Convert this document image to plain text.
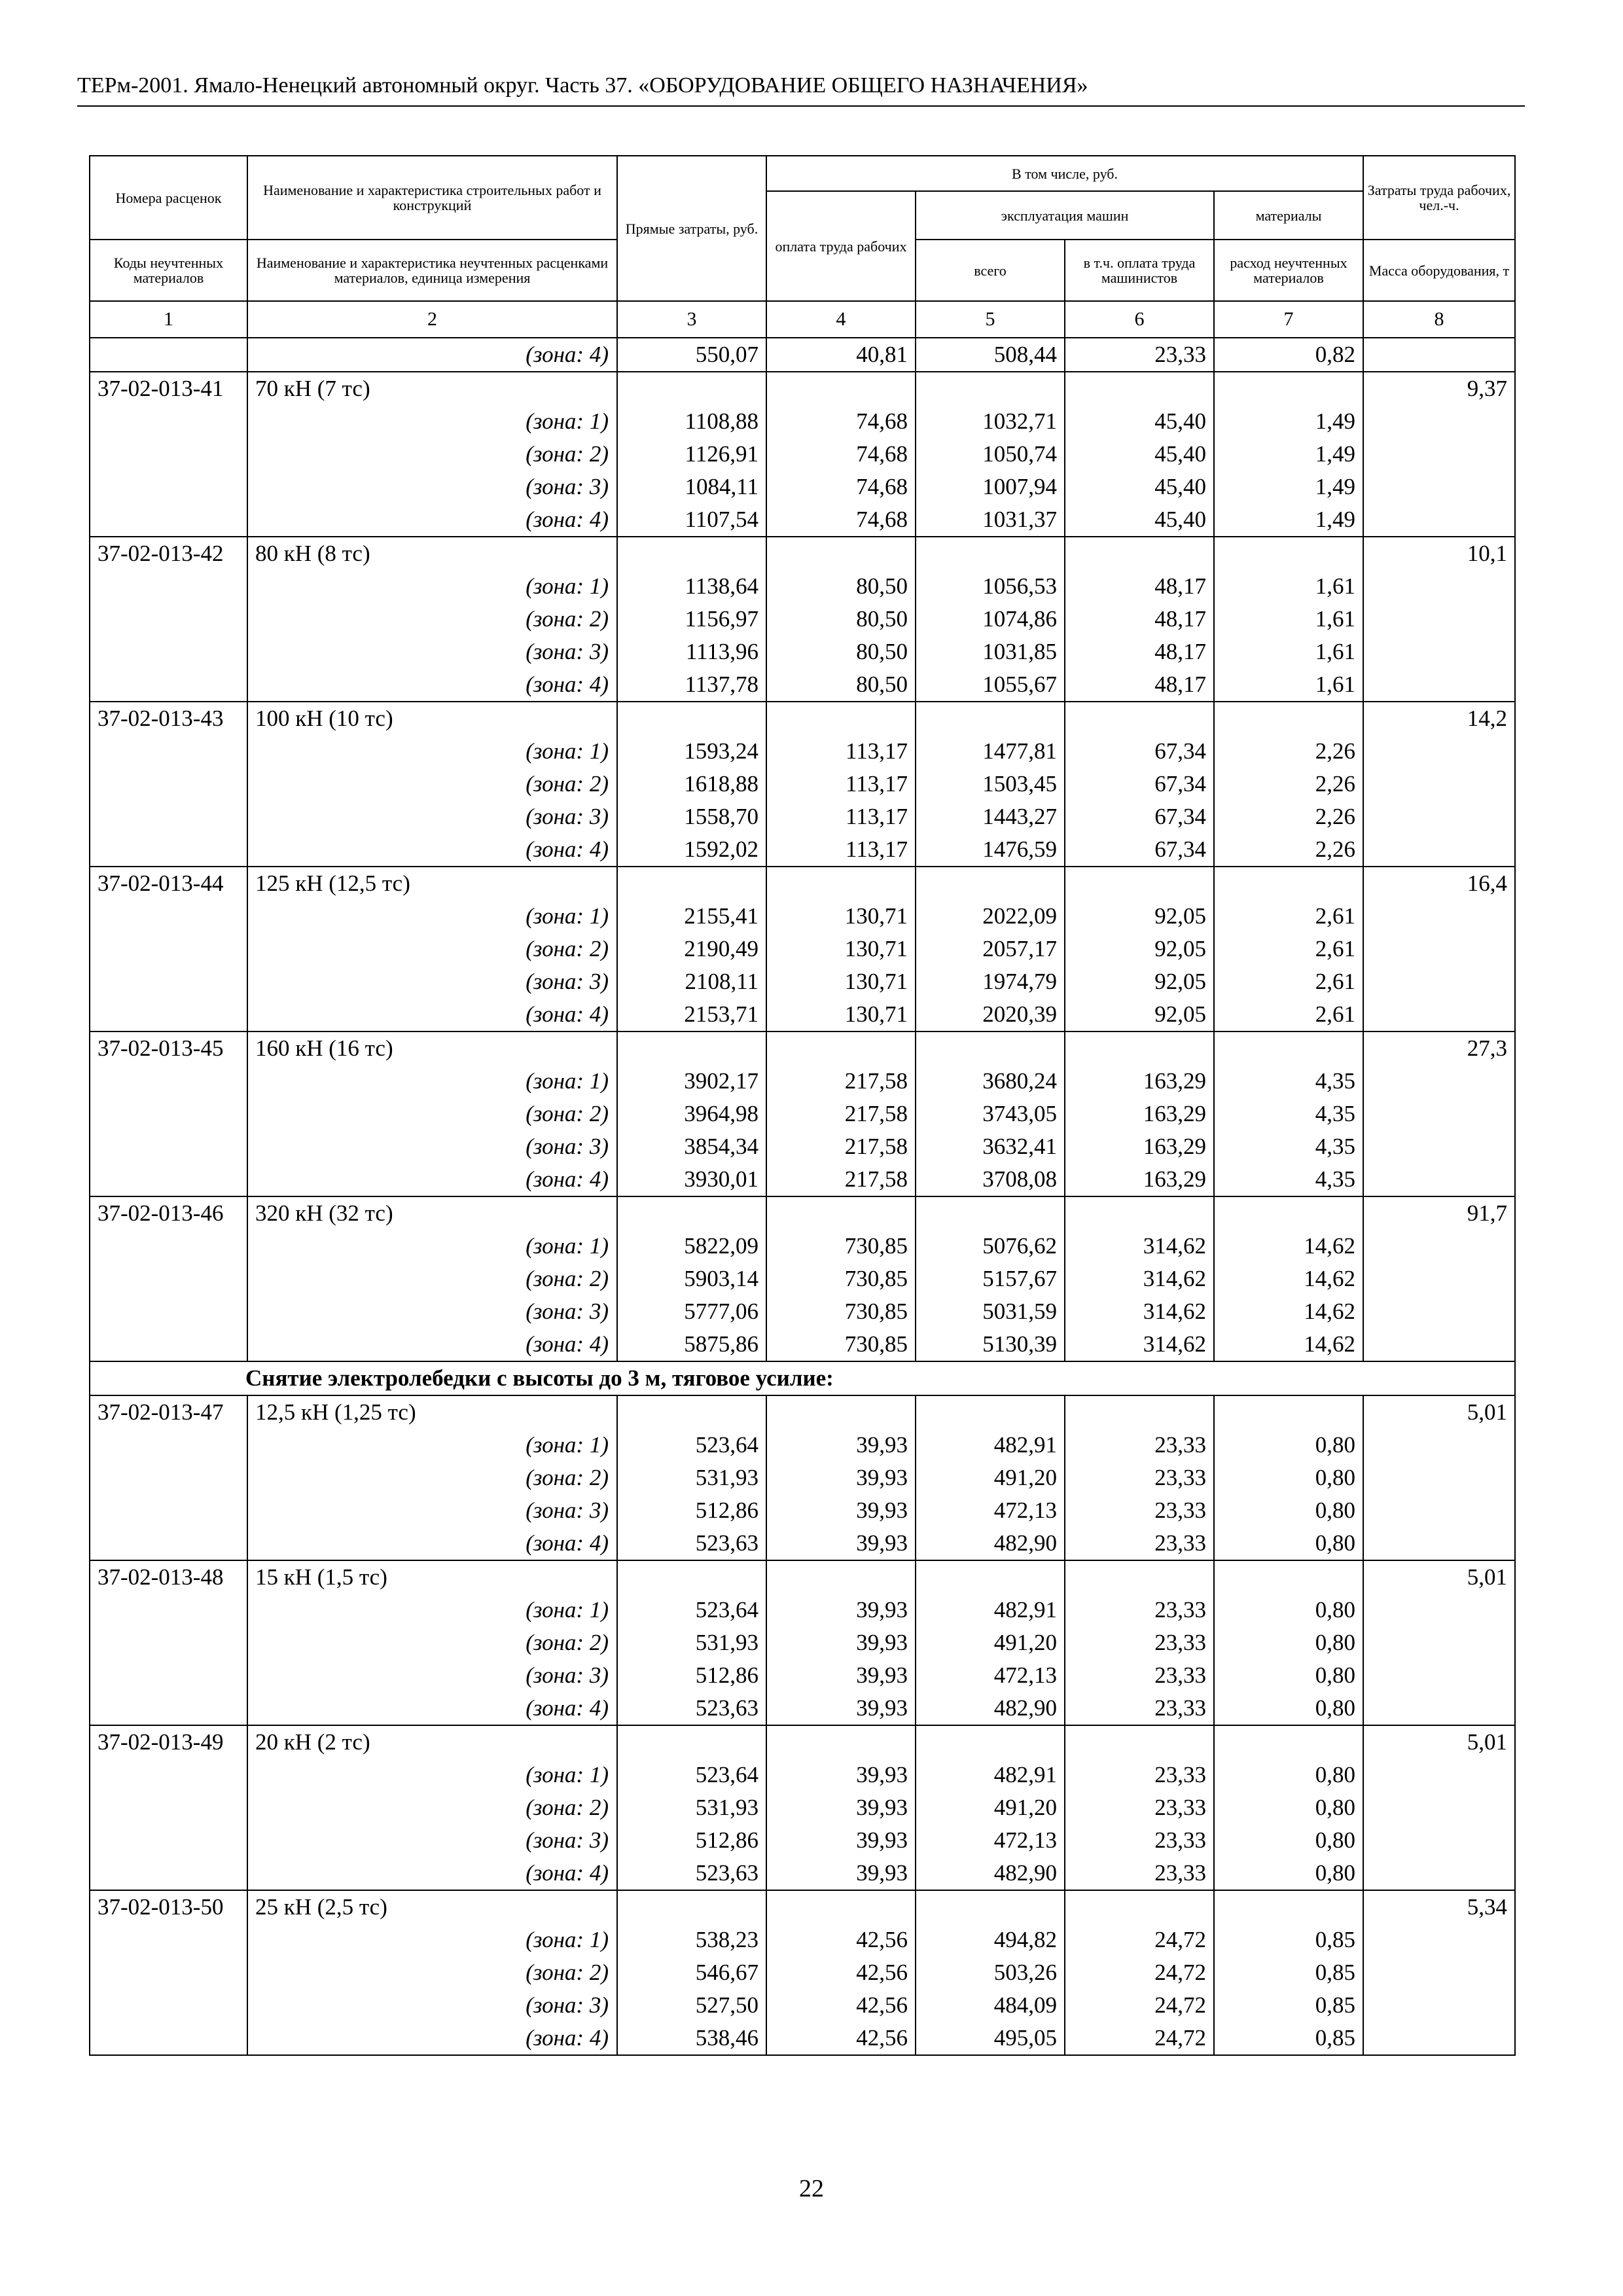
ТЕРм-2001. Ямало-Ненецкий автономный округ. Часть 37. «ОБОРУДОВАНИЕ ОБЩЕГО НАЗНАЧЕНИЯ»
Номера расценок	Наименование и характеристика строительных работ и конструкций	Прямые затраты, руб.	В том числе, руб.				Затраты труда рабочих, чел.-ч.
			оплата труда рабочих	эксплуатация машин		материалы	

Коды неучтенных материалов	Наименование и характеристика неучтенных расценками материалов, единица измерения			всего	в т.ч. оплата труда машинистов	расход неучтенных материалов	Масса оборудования, т

1	2	3	4	5	6	7	8
	(зона: 4)	550,07	40,81	508,44	23,33	0,82	
37-02-013-41	70 кН (7 тс)						9,37
	(зона: 1)	1108,88	74,68	1032,71	45,40	1,49	
	(зона: 2)	1126,91	74,68	1050,74	45,40	1,49	
	(зона: 3)	1084,11	74,68	1007,94	45,40	1,49	
	(зона: 4)	1107,54	74,68	1031,37	45,40	1,49	
37-02-013-42	80 кН (8 тс)						10,1
	(зона: 1)	1138,64	80,50	1056,53	48,17	1,61	
	(зона: 2)	1156,97	80,50	1074,86	48,17	1,61	
	(зона: 3)	1113,96	80,50	1031,85	48,17	1,61	
	(зона: 4)	1137,78	80,50	1055,67	48,17	1,61	
37-02-013-43	100 кН (10 тс)						14,2
	(зона: 1)	1593,24	113,17	1477,81	67,34	2,26	
	(зона: 2)	1618,88	113,17	1503,45	67,34	2,26	
	(зона: 3)	1558,70	113,17	1443,27	67,34	2,26	
	(зона: 4)	1592,02	113,17	1476,59	67,34	2,26	
37-02-013-44	125 кН (12,5 тс)						16,4
	(зона: 1)	2155,41	130,71	2022,09	92,05	2,61	
	(зона: 2)	2190,49	130,71	2057,17	92,05	2,61	
	(зона: 3)	2108,11	130,71	1974,79	92,05	2,61	
	(зона: 4)	2153,71	130,71	2020,39	92,05	2,61	
37-02-013-45	160 кН (16 тс)						27,3
	(зона: 1)	3902,17	217,58	3680,24	163,29	4,35	
	(зона: 2)	3964,98	217,58	3743,05	163,29	4,35	
	(зона: 3)	3854,34	217,58	3632,41	163,29	4,35	
	(зона: 4)	3930,01	217,58	3708,08	163,29	4,35	
37-02-013-46	320 кН (32 тс)						91,7
	(зона: 1)	5822,09	730,85	5076,62	314,62	14,62	
	(зона: 2)	5903,14	730,85	5157,67	314,62	14,62	
	(зона: 3)	5777,06	730,85	5031,59	314,62	14,62	
	(зона: 4)	5875,86	730,85	5130,39	314,62	14,62	
Снятие электролебедки с высоты до 3 м, тяговое усилие:							
37-02-013-47	12,5 кН (1,25 тс)						5,01
	(зона: 1)	523,64	39,93	482,91	23,33	0,80	
	(зона: 2)	531,93	39,93	491,20	23,33	0,80	
	(зона: 3)	512,86	39,93	472,13	23,33	0,80	
	(зона: 4)	523,63	39,93	482,90	23,33	0,80	
37-02-013-48	15 кН (1,5 тс)						5,01
	(зона: 1)	523,64	39,93	482,91	23,33	0,80	
	(зона: 2)	531,93	39,93	491,20	23,33	0,80	
	(зона: 3)	512,86	39,93	472,13	23,33	0,80	
	(зона: 4)	523,63	39,93	482,90	23,33	0,80	
37-02-013-49	20 кН (2 тс)						5,01
	(зона: 1)	523,64	39,93	482,91	23,33	0,80	
	(зона: 2)	531,93	39,93	491,20	23,33	0,80	
	(зона: 3)	512,86	39,93	472,13	23,33	0,80	
	(зона: 4)	523,63	39,93	482,90	23,33	0,80	
37-02-013-50	25 кН (2,5 тс)						5,34
	(зона: 1)	538,23	42,56	494,82	24,72	0,85	
	(зона: 2)	546,67	42,56	503,26	24,72	0,85	
	(зона: 3)	527,50	42,56	484,09	24,72	0,85	
	(зона: 4)	538,46	42,56	495,05	24,72	0,85	
22
